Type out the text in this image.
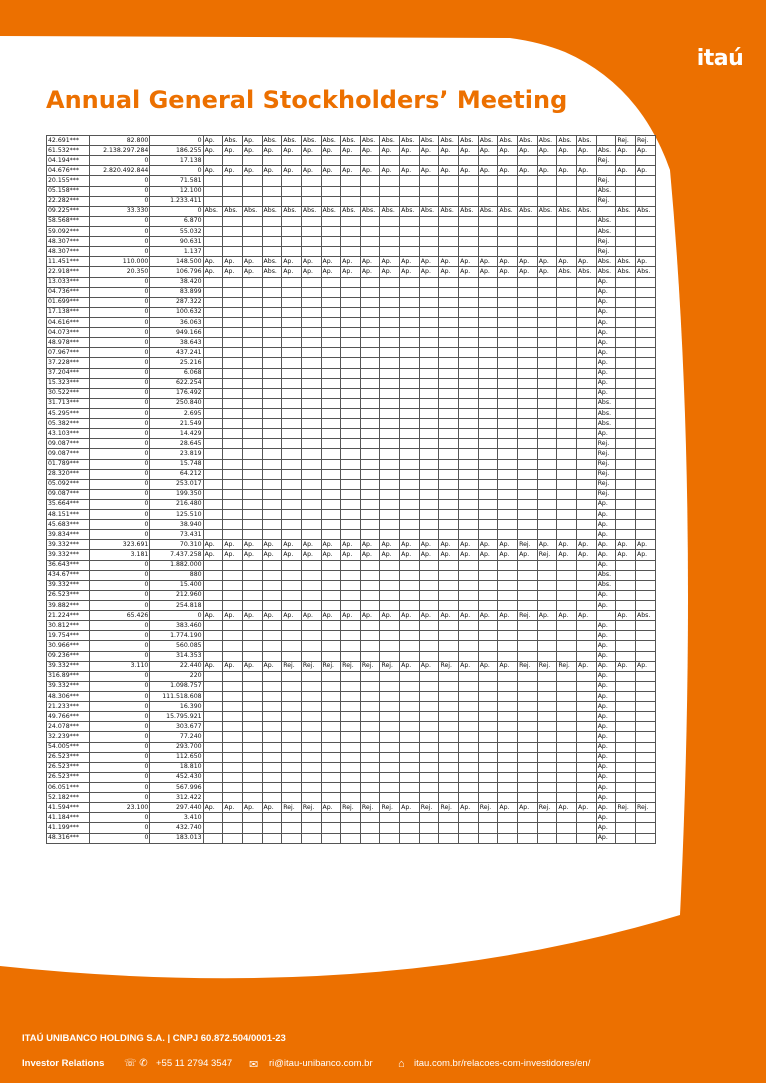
itaú
Annual General Stockholders’ Meeting
42.691***	82.800	0	Ap.	Abs.	Ap.	Abs.	Abs.	Abs.	Abs.	Abs.	Abs.	Abs.	Abs.	Abs.	Abs.	Abs.	Abs.	Abs.	Abs.	Abs.	Abs.	Abs.		Rej.	Rej.
61.532***	2.138.297.284	186.255	Ap.	Ap.	Ap.	Ap.	Ap.	Ap.	Ap.	Ap.	Ap.	Ap.	Ap.	Ap.	Ap.	Ap.	Ap.	Ap.	Ap.	Ap.	Ap.	Ap.	Abs.	Ap.	Ap.
04.194***	0	17.138																					Rej.		
04.676***	2.820.492.844	0	Ap.	Ap.	Ap.	Ap.	Ap.	Ap.	Ap.	Ap.	Ap.	Ap.	Ap.	Ap.	Ap.	Ap.	Ap.	Ap.	Ap.	Ap.	Ap.	Ap.		Ap.	Ap.
20.155***	0	71.581																					Rej.		
05.158***	0	12.100																					Abs.		
22.282***	0	1.233.411																					Rej.		
09.225***	33.330	0	Abs.	Abs.	Abs.	Abs.	Abs.	Abs.	Abs.	Abs.	Abs.	Abs.	Abs.	Abs.	Abs.	Abs.	Abs.	Abs.	Abs.	Abs.	Abs.	Abs.		Abs.	Abs.
58.568***	0	6.870																					Abs.		
59.092***	0	55.032																					Abs.		
48.307***	0	90.631																					Rej.		
48.307***	0	1.137																					Rej.		
11.451***	110.000	148.500	Ap.	Ap.	Ap.	Abs.	Ap.	Ap.	Ap.	Ap.	Ap.	Ap.	Ap.	Ap.	Ap.	Ap.	Ap.	Ap.	Ap.	Ap.	Ap.	Ap.	Abs.	Abs.	Ap.
22.918***	20.350	106.796	Ap.	Ap.	Ap.	Abs.	Ap.	Ap.	Ap.	Ap.	Ap.	Ap.	Ap.	Ap.	Ap.	Ap.	Ap.	Ap.	Ap.	Ap.	Abs.	Abs.	Abs.	Abs.	Abs.
13.033***	0	38.420																					Ap.		
04.736***	0	83.899																					Ap.		
01.699***	0	287.322																					Ap.		
17.138***	0	100.632																					Ap.		
04.616***	0	36.063																					Ap.		
04.073***	0	949.166																					Ap.		
48.978***	0	38.643																					Ap.		
07.967***	0	437.241																					Ap.		
37.228***	0	25.216																					Ap.		
37.204***	0	6.068																					Ap.		
15.323***	0	622.254																					Ap.		
30.522***	0	176.492																					Ap.		
31.713***	0	250.840																					Abs.		
45.295***	0	2.695																					Abs.		
05.382***	0	21.549																					Abs.		
43.103***	0	14.429																					Ap.		
09.087***	0	28.645																					Rej.		
09.087***	0	23.819																					Rej.		
01.789***	0	15.748																					Rej.		
28.320***	0	64.212																					Rej.		
05.092***	0	253.017																					Rej.		
09.087***	0	199.350																					Rej.		
35.664***	0	216.480																					Ap.		
48.151***	0	125.510																					Ap.		
45.683***	0	38.940																					Ap.		
39.834***	0	73.431																					Ap.		
39.332***	323.691	70.310	Ap.	Ap.	Ap.	Ap.	Ap.	Ap.	Ap.	Ap.	Ap.	Ap.	Ap.	Ap.	Ap.	Ap.	Ap.	Ap.	Rej.	Ap.	Ap.	Ap.	Ap.	Ap.	Ap.
39.332***	3.181	7.437.258	Ap.	Ap.	Ap.	Ap.	Ap.	Ap.	Ap.	Ap.	Ap.	Ap.	Ap.	Ap.	Ap.	Ap.	Ap.	Ap.	Ap.	Rej.	Ap.	Ap.	Ap.	Ap.	Ap.
36.643***	0	1.882.000																					Ap.		
434.67***	0	880																					Abs.		
39.332***	0	15.400																					Abs.		
26.523***	0	212.960																					Ap.		
39.882***	0	254.818																					Ap.		
21.224***	65.426	0	Ap.	Ap.	Ap.	Ap.	Ap.	Ap.	Ap.	Ap.	Ap.	Ap.	Ap.	Ap.	Ap.	Ap.	Ap.	Ap.	Rej.	Ap.	Ap.	Ap.		Ap.	Abs.
30.812***	0	383.460																					Ap.		
19.754***	0	1.774.190																					Ap.		
30.966***	0	560.085																					Ap.		
09.236***	0	314.353																					Ap.		
39.332***	3.110	22.440	Ap.	Ap.	Ap.	Ap.	Rej.	Rej.	Rej.	Rej.	Rej.	Rej.	Ap.	Ap.	Rej.	Ap.	Ap.	Ap.	Rej.	Rej.	Rej.	Ap.	Ap.	Ap.	Ap.
316.89***	0	220																					Ap.		
39.332***	0	1.098.757																					Ap.		
48.306***	0	111.518.608																					Ap.		
21.233***	0	16.390																					Ap.		
49.766***	0	15.795.921																					Ap.		
24.078***	0	303.677																					Ap.		
32.239***	0	77.240																					Ap.		
54.005***	0	293.700																					Ap.		
26.523***	0	112.650																					Ap.		
26.523***	0	18.810																					Ap.		
26.523***	0	452.430																					Ap.		
06.051***	0	567.996																					Ap.		
52.182***	0	312.422																					Ap.		
41.594***	23.100	297.440	Ap.	Ap.	Ap.	Ap.	Rej.	Rej.	Ap.	Rej.	Rej.	Rej.	Ap.	Rej.	Rej.	Ap.	Rej.	Ap.	Ap.	Rej.	Ap.	Ap.	Ap.	Rej.	Rej.
41.184***	0	3.410																					Ap.		
41.199***	0	432.740																					Ap.		
48.316***	0	183.013																					Ap.		
ITAÚ UNIBANCO HOLDING S.A. | CNPJ 60.872.504/0001-23
Investor Relations ☏ ✆ +55 11 2794 3547 ✉ ri@itau-unibanco.com.br ⌂ itau.com.br/relacoes-com-investidores/en/
